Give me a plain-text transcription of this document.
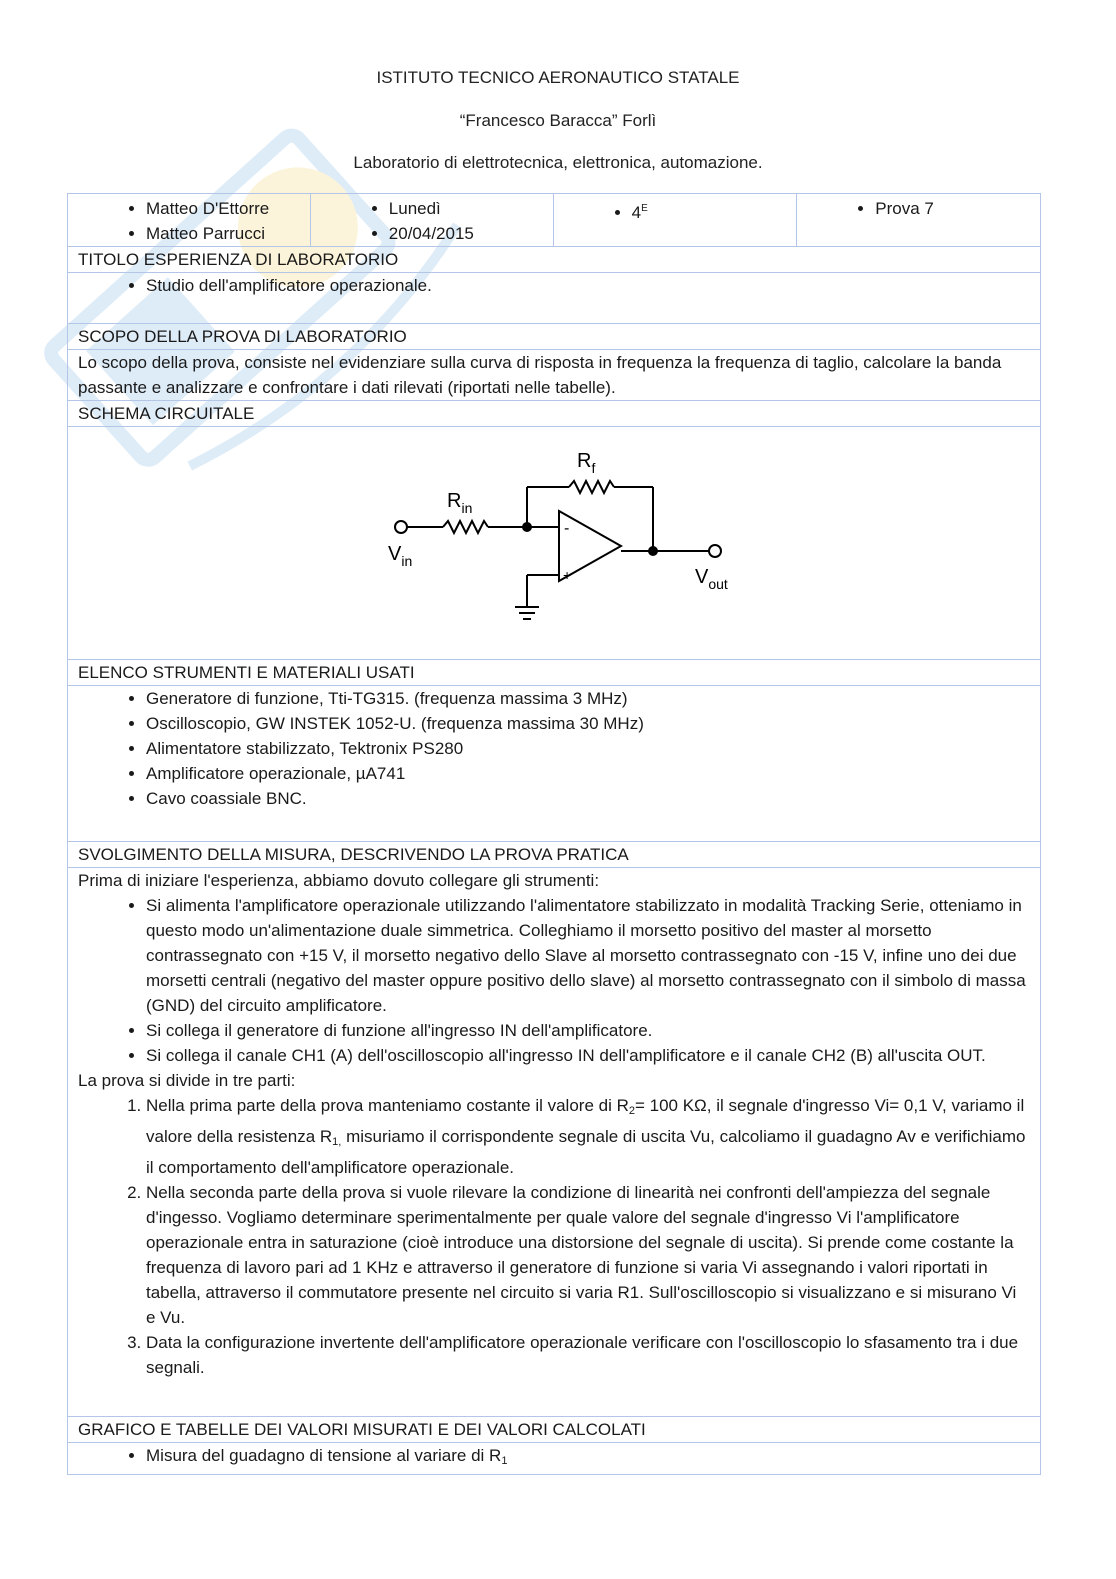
ISTITUTO TECNICO AERONAUTICO STATALE
“Francesco Baracca” Forlì
Laboratorio di elettrotecnica, elettronica, automazione.
• Matteo D'Ettorre
• Matteo Parrucci

• Lunedì
• 20/04/2015

• $4^E$

•Prova 7

TITOLO ESPERIENZA DI LABORATORIO

• Studio dell'amplificatore operazionale.

SCOPO DELLA PROVA DI LABORATORIO
Lo scopo della prova, consiste nel evidenziare sulla curva di risposta in frequenza la frequenza di taglio, calcolare la banda passante e analizzare e confrontare i dati rilevati (riportati nelle tabelle).
SCHEMA CIRCUITALE

$R_f$
$R_{in}$
$V_{in}$
$V_{out}$
-
+

ELENCO STRUMENTI E MATERIALI USATI

• Generatore di funzione, Tti-TG315. (frequenza massima 3 MHz)
• Oscilloscopio, GW INSTEK 1052-U. (frequenza massima 30 MHz)
• Alimentatore stabilizzato, Tektronix PS280
• Amplificatore operazionale, µA741
• Cavo coassiale BNC.

SVOLGIMENTO DELLA MISURA, DESCRIVENDO LA PROVA PRATICA

Prima di iniziare l'esperienza, abbiamo dovuto collegare gli strumenti:
• Si alimenta l'amplificatore operazionale utilizzando l'alimentatore stabilizzato in modalità Tracking Serie, otteniamo in questo modo un'alimentazione duale simmetrica. Colleghiamo il morsetto positivo del master al morsetto contrassegnato con +15 V, il morsetto negativo dello Slave al morsetto contrassegnato con -15 V, infine uno dei due morsetti centrali (negativo del master oppure positivo dello slave) al morsetto contrassegnato con il simbolo di massa (GND) del circuito amplificatore.
• Si collega il generatore di funzione all'ingresso IN dell'amplificatore.
• Si collega il canale CH1 (A) dell'oscilloscopio all'ingresso IN dell'amplificatore e il canale CH2 (B) all'uscita OUT.
La prova si divide in tre parti:
1. Nella prima parte della prova manteniamo costante il valore di $R_2= 100$ KΩ, il segnale d'ingresso Vi= 0,1 V, variamo il valore della resistenza $R_{1,}$ misuriamo il corrispondente segnale di uscita Vu, calcoliamo il guadagno Av e verifichiamo il comportamento dell'amplificatore operazionale.
2. Nella seconda parte della prova si vuole rilevare la condizione di linearità nei confronti dell'ampiezza del segnale d'ingesso. Vogliamo determinare sperimentalmente per quale valore del segnale d'ingresso Vi l'amplificatore operazionale entra in saturazione (cioè introduce una distorsione del segnale di uscita). Si prende come costante la frequenza di lavoro pari ad 1 KHz e attraverso il generatore di funzione si varia Vi assegnando i valori riportati in tabella, attraverso il commutatore presente nel circuito si varia R1. Sull'oscilloscopio si visualizzano e si misurano Vi e Vu.
3. Data la configurazione invertente dell'amplificatore operazionale verificare con l'oscilloscopio lo sfasamento tra i due segnali.

GRAFICO E TABELLE DEI VALORI MISURATI E DEI VALORI CALCOLATI

• Misura del guadagno di tensione al variare di $R_1$
